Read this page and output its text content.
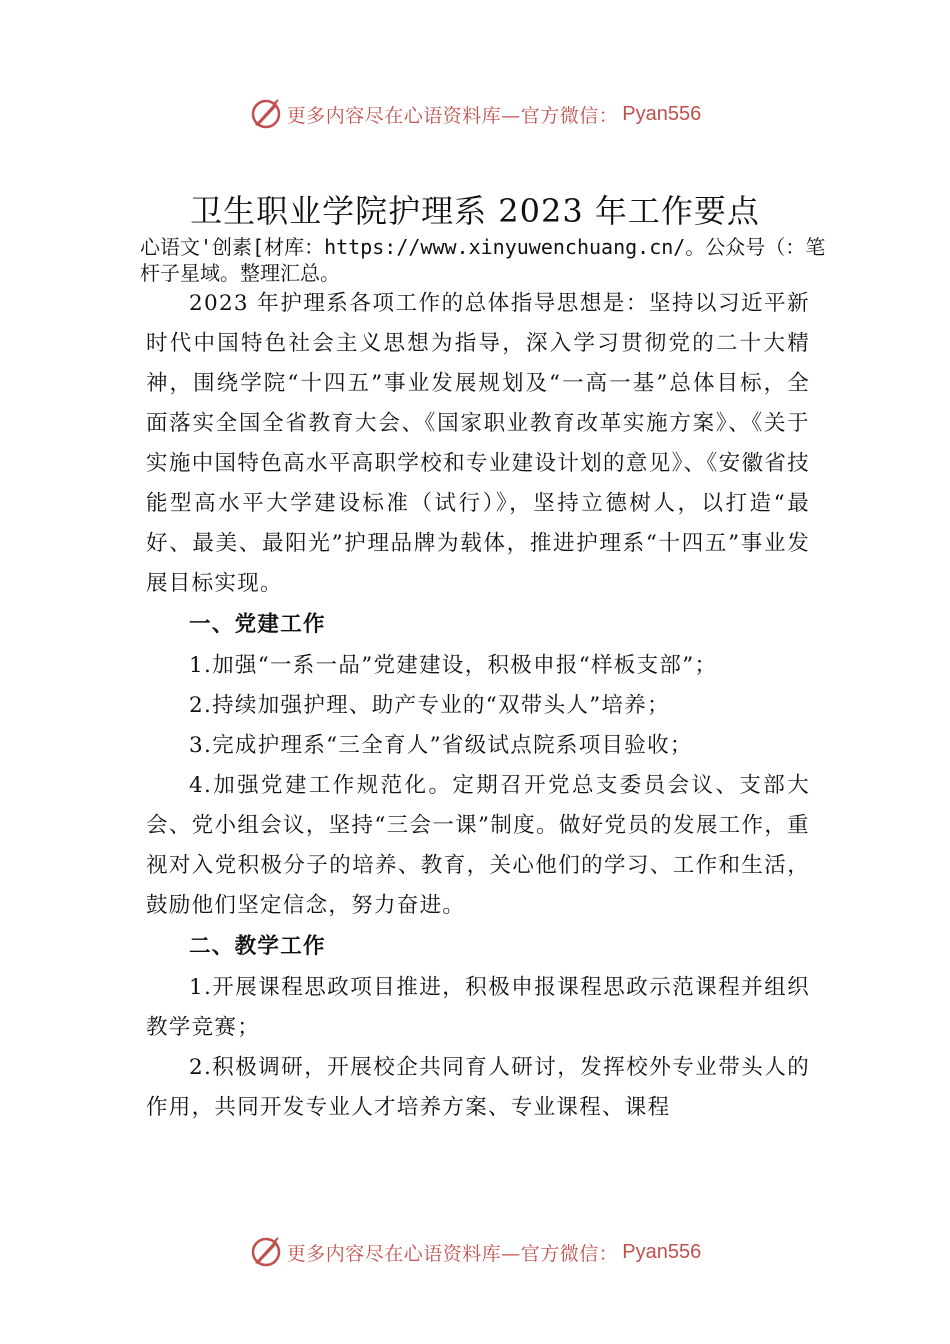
更多内容尽在心语资料库—官方微信： Pyan556
卫生职业学院护理系 2023 年工作要点
心语文'创素[材库：https://www.xinyuwenchuang.cn/。公众号（：笔杆子星域。整理汇总。

2023 年护理系各项工作的总体指导思想是：坚持以习近平新时代中国特色社会主义思想为指导，深入学习贯彻党的二十大精神，围绕学院“十四五”事业发展规划及“一高一基”总体目标，全面落实全国全省教育大会、《国家职业教育改革实施方案》、《关于实施中国特色高水平高职学校和专业建设计划的意见》、《安徽省技能型高水平大学建设标准（试行）》，坚持立德树人，以打造“最好、最美、最阳光”护理品牌为载体，推进护理系“十四五”事业发展目标实现。

一、党建工作

1.加强“一系一品”党建建设，积极申报“样板支部”；

2.持续加强护理、助产专业的“双带头人”培养；

3.完成护理系“三全育人”省级试点院系项目验收；

4.加强党建工作规范化。定期召开党总支委员会议、支部大会、党小组会议，坚持“三会一课”制度。做好党员的发展工作，重视对入党积极分子的培养、教育，关心他们的学习、工作和生活，鼓励他们坚定信念，努力奋进。

二、教学工作

1.开展课程思政项目推进，积极申报课程思政示范课程并组织教学竞赛；

2.积极调研，开展校企共同育人研讨，发挥校外专业带头人的作用，共同开发专业人才培养方案、专业课程、课程

更多内容尽在心语资料库—官方微信： Pyan556
